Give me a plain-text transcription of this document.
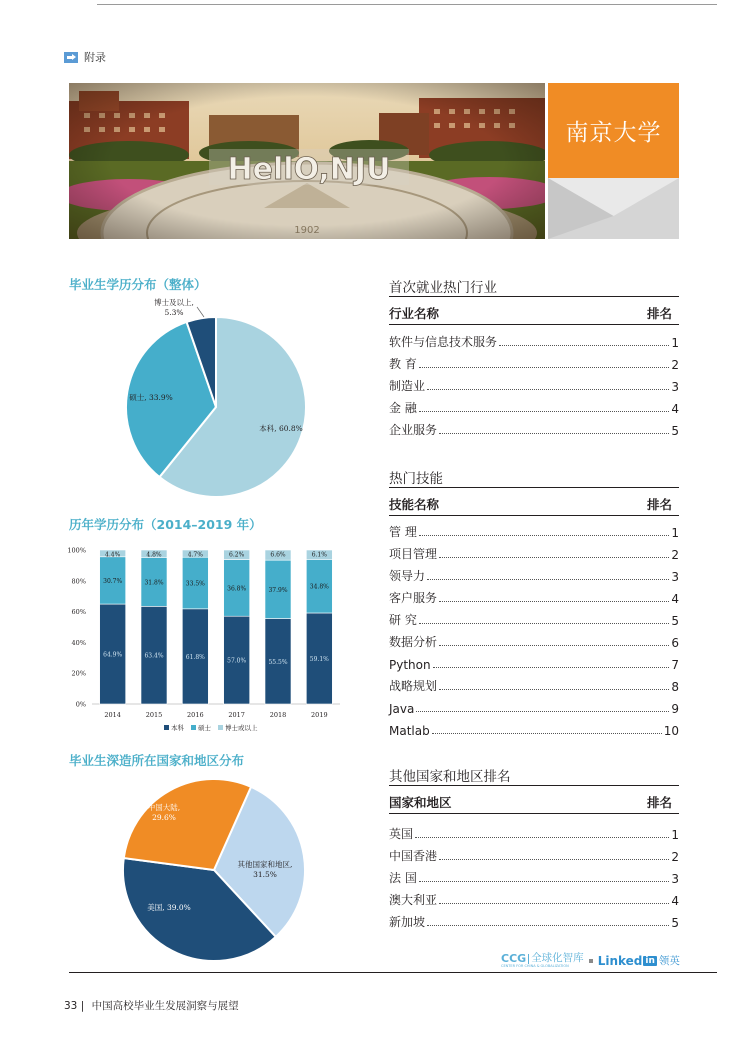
附录
南京大学
毕业生学历分布（整体）
本科, 60.8%
硕士, 33.9%
博士及以上,
5.3%
历年学历分布（2014–2019 年）
0%
20%
40%
60%
80%
100%
64.9%
30.7%
4.4%
2014
63.4%
31.8%
4.8%
2015
61.8%
33.5%
4.7%
2016
57.0%
36.8%
6.2%
2017
55.5%
37.9%
6.6%
2018
59.1%
34.8%
6.1%
2019
本科 硕士 博士或以上
毕业生深造所在国家和地区分布
其他国家和地区,
31.5%
美国, 39.0%
中国大陆,
29.6%
首次就业热门行业
行业名称	排名
软件与信息技术服务	1
教 育	2
制造业	3
金 融	4
企业服务	5
热门技能
技能名称	排名
管 理	1
项目管理	2
领导力	3
客户服务	4
研 究	5
数据分析	6
Python	7
战略规划	8
Java	9
Matlab	10
其他国家和地区排名
国家和地区	排名
英国	1
中国香港	2
法 国	3
澳大利亚	4
新加坡	5
CCG 全球化智库
CENTER FOR CHINA & GLOBALIZATION	Linked in 领英
33 | 中国高校毕业生发展洞察与展望
